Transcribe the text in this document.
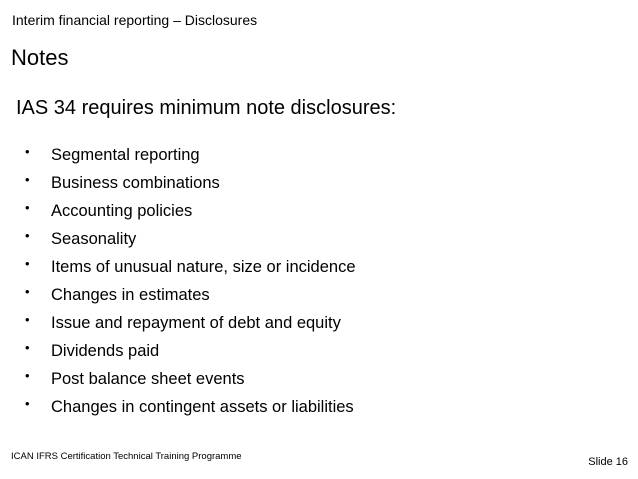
Interim financial reporting – Disclosures
Notes
IAS 34 requires minimum note disclosures:
•	Segmental reporting
•	Business combinations
•	Accounting policies
•	Seasonality
•	Items of unusual nature, size or incidence
•	Changes in estimates
•	Issue and repayment of debt and equity
•	Dividends paid
•	Post balance sheet events
•	Changes in contingent assets or liabilities
ICAN IFRS Certification Technical Training Programme	Slide 16
